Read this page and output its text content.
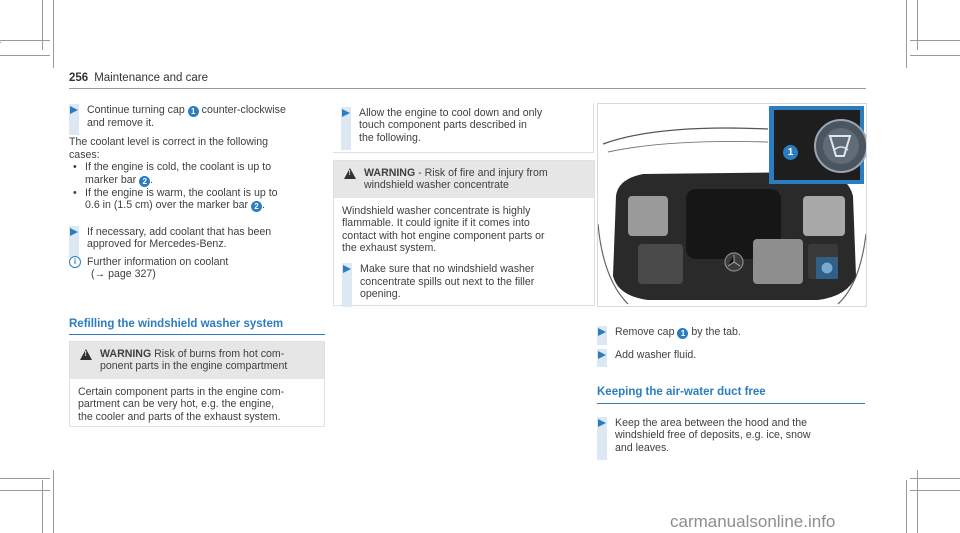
256 Maintenance and care
Continue turning cap 1 counter-clockwise
and remove it.
The coolant level is correct in the following
cases:
• If the engine is cold, the coolant is up to
marker bar 2 .
• If the engine is warm, the coolant is up to
0.6 in (1.5 cm) over the marker bar 2 .
If necessary, add coolant that has been
approved for Mercedes-Benz.
i	Further information on coolant
(→ page 327)
Refilling the windshield washer system
!
WARNING Risk of burns from hot com-
ponent parts in the engine compartment
Certain component parts in the engine com-
partment can be very hot, e.g. the engine,
the cooler and parts of the exhaust system.
Allow the engine to cool down and only
touch component parts described in
the following.
!
WARNING - Risk of fire and injury from
windshield washer concentrate
Windshield washer concentrate is highly
flammable. It could ignite if it comes into
contact with hot engine component parts or
the exhaust system.
Make sure that no windshield washer
concentrate spills out next to the filler
opening.
1
Remove cap 1 by the tab.
Add washer fluid.
Keeping the air-water duct free
Keep the area between the hood and the
windshield free of deposits, e.g. ice, snow
and leaves.
carmanualsonline.info
